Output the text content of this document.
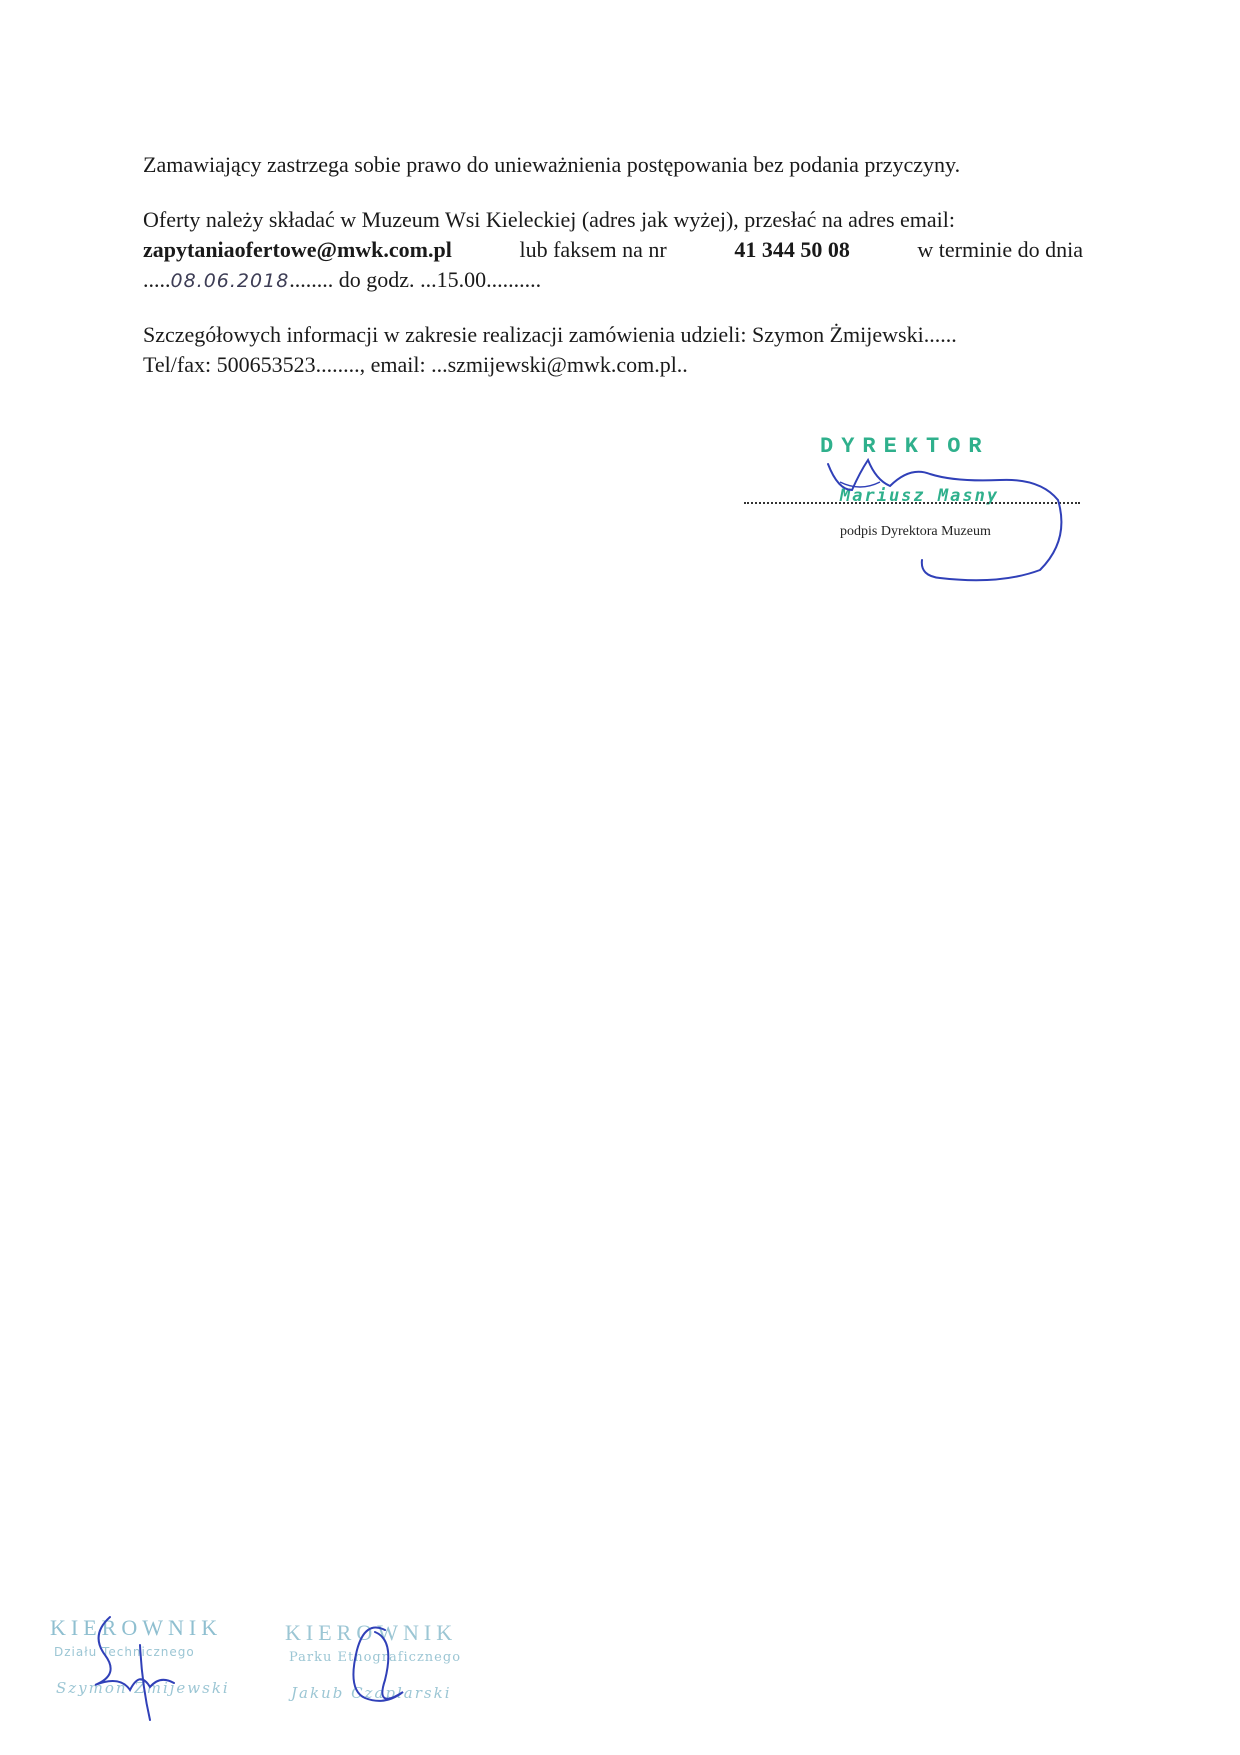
Zamawiający zastrzega sobie prawo do unieważnienia postępowania bez podania przyczyny.
Oferty należy składać w Muzeum Wsi Kieleckiej (adres jak wyżej), przesłać na adres email:
zapytaniaofertowe@mwk.com.pl	lub faksem na nr	41 344 50 08	w terminie do dnia
.....08.06.2018........ do godz. ...15.00..........
Szczegółowych informacji w zakresie realizacji zamówienia udzieli: Szymon Żmijewski......
Tel/fax: 500653523........, email: ...szmijewski@mwk.com.pl..
DYREKTOR
Mariusz Masny
podpis Dyrektora Muzeum
KIEROWNIK
Działu Technicznego
Szymon Żmijewski
KIEROWNIK
Parku Etnograficznego
Jakub Czaplarski
